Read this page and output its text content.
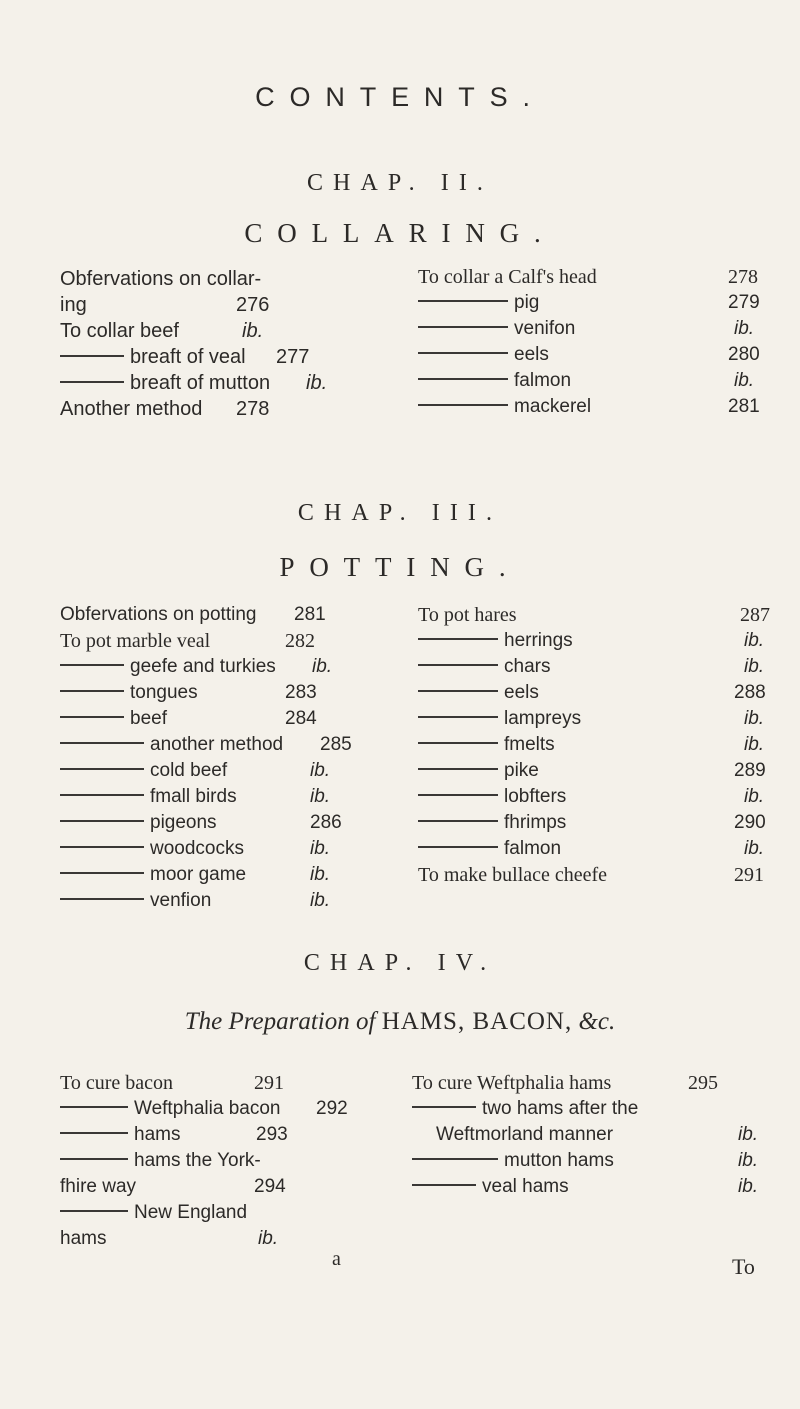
CONTENTS.
CHAP. II.
COLLARING.
Obfervations on collar-
ing	276
To collar beef	ib.
breaft of veal 277
breaft of mutton ib.
Another method 278
To collar a Calf's head	278
pig	279
venifon	ib.
eels	280
falmon	ib.
mackerel	281
CHAP. III.
POTTING.
Obfervations on potting 281
To pot marble veal	282
geefe and turkies ib.
tongues	283
beef	284
another method 285
cold beef	ib.
fmall birds	ib.
pigeons	286
woodcocks	ib.
moor game	ib.
venfion	ib.
To pot hares	287
herrings	ib.
chars	ib.
eels	288
lampreys	ib.
fmelts	ib.
pike	289
lobfters	ib.
fhrimps	290
falmon	ib.
To make bullace cheefe	291
CHAP. IV.
The Preparation of HAMS, BACON, &c.
To cure bacon	291
Weftphalia bacon 292
hams	293
hams the York-
fhire way	294
New England
hams	ib.
To cure Weftphalia hams	295
two hams after the
Weftmorland manner	ib.
mutton hams	ib.
veal hams	ib.
a	To
